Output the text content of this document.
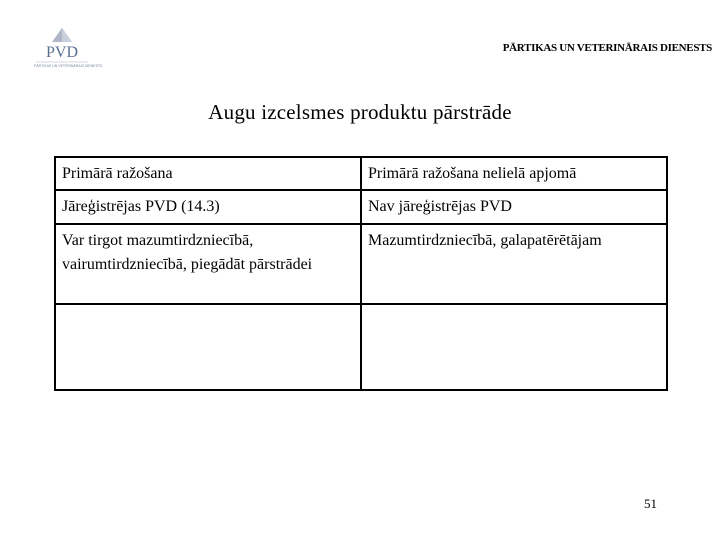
PVD
PĀRTIKAS UN VETERINĀRAIS DIENESTS
PĀRTIKAS UN VETERINĀRAIS DIENESTS
Augu izcelsmes produktu pārstrāde
Primārā ražošana	Primārā ražošana nelielā apjomā
Jāreģistrējas PVD (14.3)	Nav jāreģistrējas PVD
Var tirgot mazumtirdzniecībā, vairumtirdzniecībā, piegādāt pārstrādei	Mazumtirdzniecībā, galapatērētājam

51
